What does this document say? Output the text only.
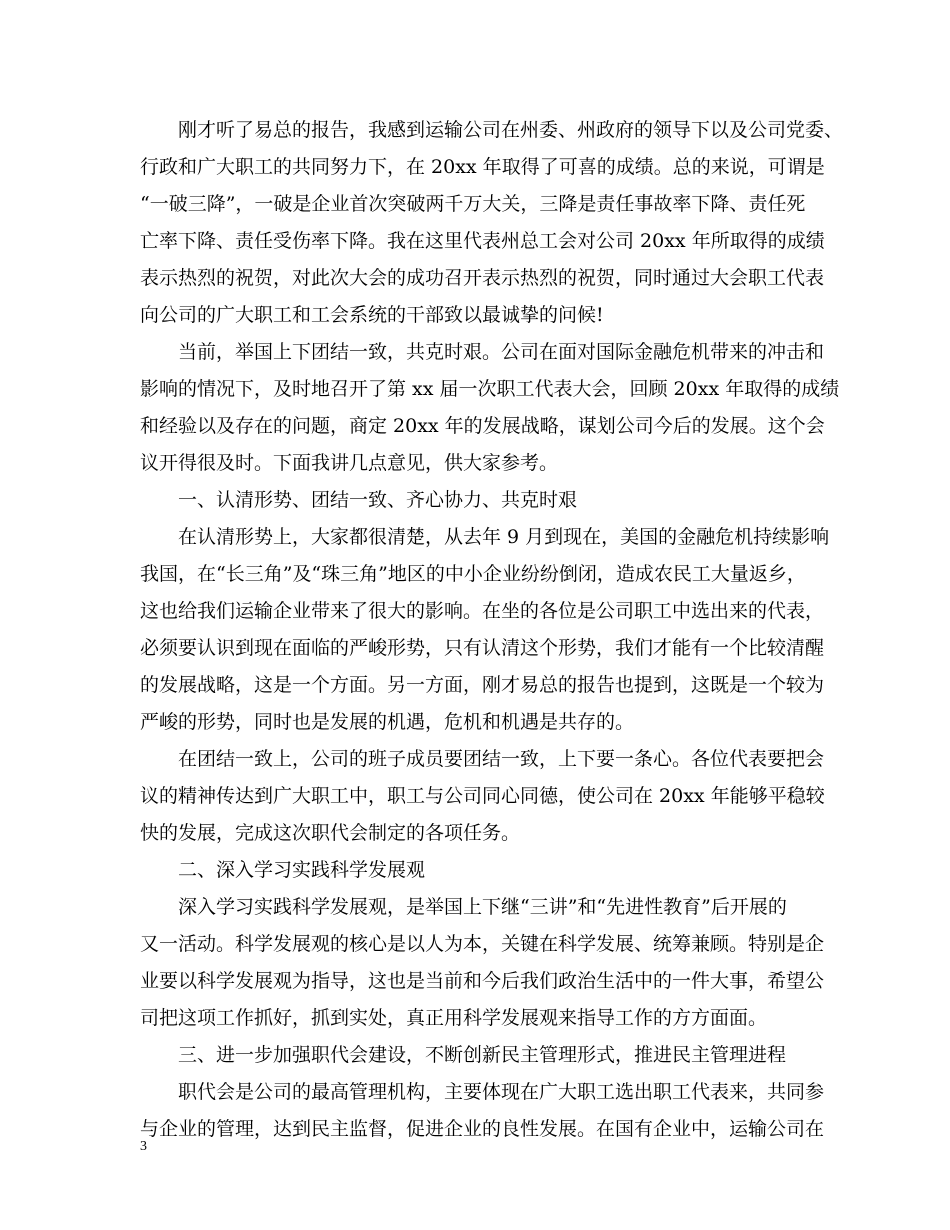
刚才听了易总的报告，我感到运输公司在州委、州政府的领导下以及公司党委、
行政和广大职工的共同努力下，在 20xx 年取得了可喜的成绩。总的来说，可谓是
“一破三降”，一破是企业首次突破两千万大关，三降是责任事故率下降、责任死
亡率下降、责任受伤率下降。我在这里代表州总工会对公司 20xx 年所取得的成绩
表示热烈的祝贺，对此次大会的成功召开表示热烈的祝贺，同时通过大会职工代表
向公司的广大职工和工会系统的干部致以最诚挚的问候!
当前，举国上下团结一致，共克时艰。公司在面对国际金融危机带来的冲击和
影响的情况下，及时地召开了第 xx 届一次职工代表大会，回顾 20xx 年取得的成绩
和经验以及存在的问题，商定 20xx 年的发展战略，谋划公司今后的发展。这个会
议开得很及时。下面我讲几点意见，供大家参考。
一、认清形势、团结一致、齐心协力、共克时艰
在认清形势上，大家都很清楚，从去年 9 月到现在，美国的金融危机持续影响
我国，在“长三角”及“珠三角”地区的中小企业纷纷倒闭，造成农民工大量返乡，
这也给我们运输企业带来了很大的影响。在坐的各位是公司职工中选出来的代表，
必须要认识到现在面临的严峻形势，只有认清这个形势，我们才能有一个比较清醒
的发展战略，这是一个方面。另一方面，刚才易总的报告也提到，这既是一个较为
严峻的形势，同时也是发展的机遇，危机和机遇是共存的。
在团结一致上，公司的班子成员要团结一致，上下要一条心。各位代表要把会
议的精神传达到广大职工中，职工与公司同心同德，使公司在 20xx 年能够平稳较
快的发展，完成这次职代会制定的各项任务。
二、深入学习实践科学发展观
深入学习实践科学发展观，是举国上下继“三讲”和“先进性教育”后开展的
又一活动。科学发展观的核心是以人为本，关键在科学发展、统筹兼顾。特别是企
业要以科学发展观为指导，这也是当前和今后我们政治生活中的一件大事，希望公
司把这项工作抓好，抓到实处，真正用科学发展观来指导工作的方方面面。
三、进一步加强职代会建设，不断创新民主管理形式，推进民主管理进程
职代会是公司的最高管理机构，主要体现在广大职工选出职工代表来，共同参
与企业的管理，达到民主监督，促进企业的良性发展。在国有企业中，运输公司在
3
